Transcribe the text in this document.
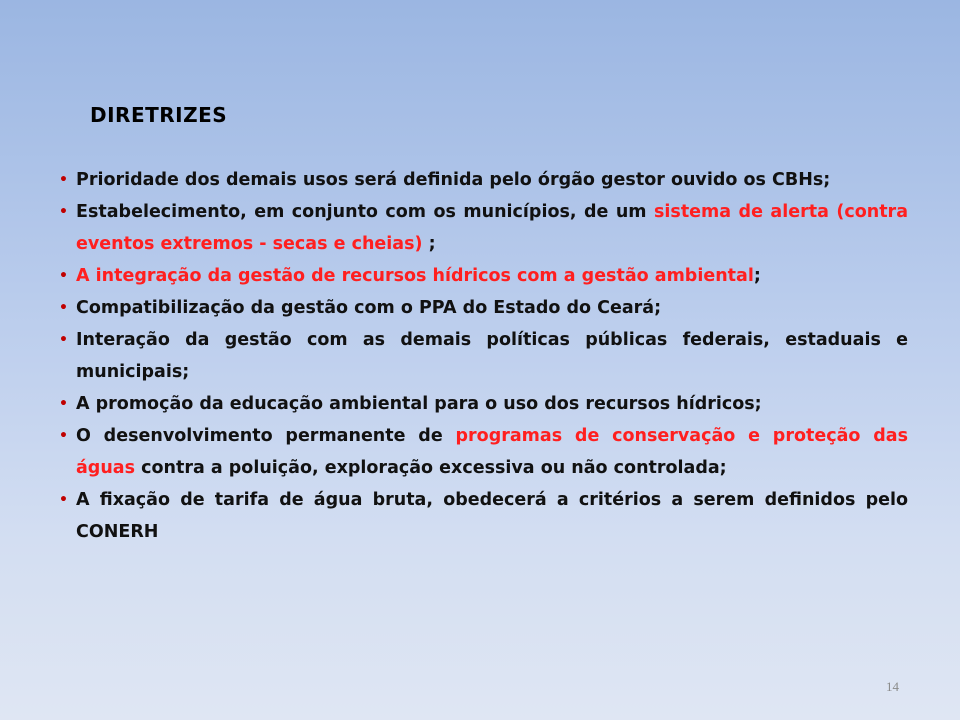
DIRETRIZES
• Prioridade dos demais usos será definida pelo órgão gestor ouvido os CBHs;
• Estabelecimento, em conjunto com os municípios, de um sistema de alerta (contra eventos extremos - secas e cheias) ;
• A integração da gestão de recursos hídricos com a gestão ambiental;
• Compatibilização da gestão com o PPA do Estado do Ceará;
• Interação da gestão com as demais políticas públicas federais, estaduais e municipais;
• A promoção da educação ambiental para o uso dos recursos hídricos;
• O desenvolvimento permanente de programas de conservação e proteção das águas contra a poluição, exploração excessiva ou não controlada;
• A fixação de tarifa de água bruta, obedecerá a critérios a serem definidos pelo CONERH
14
